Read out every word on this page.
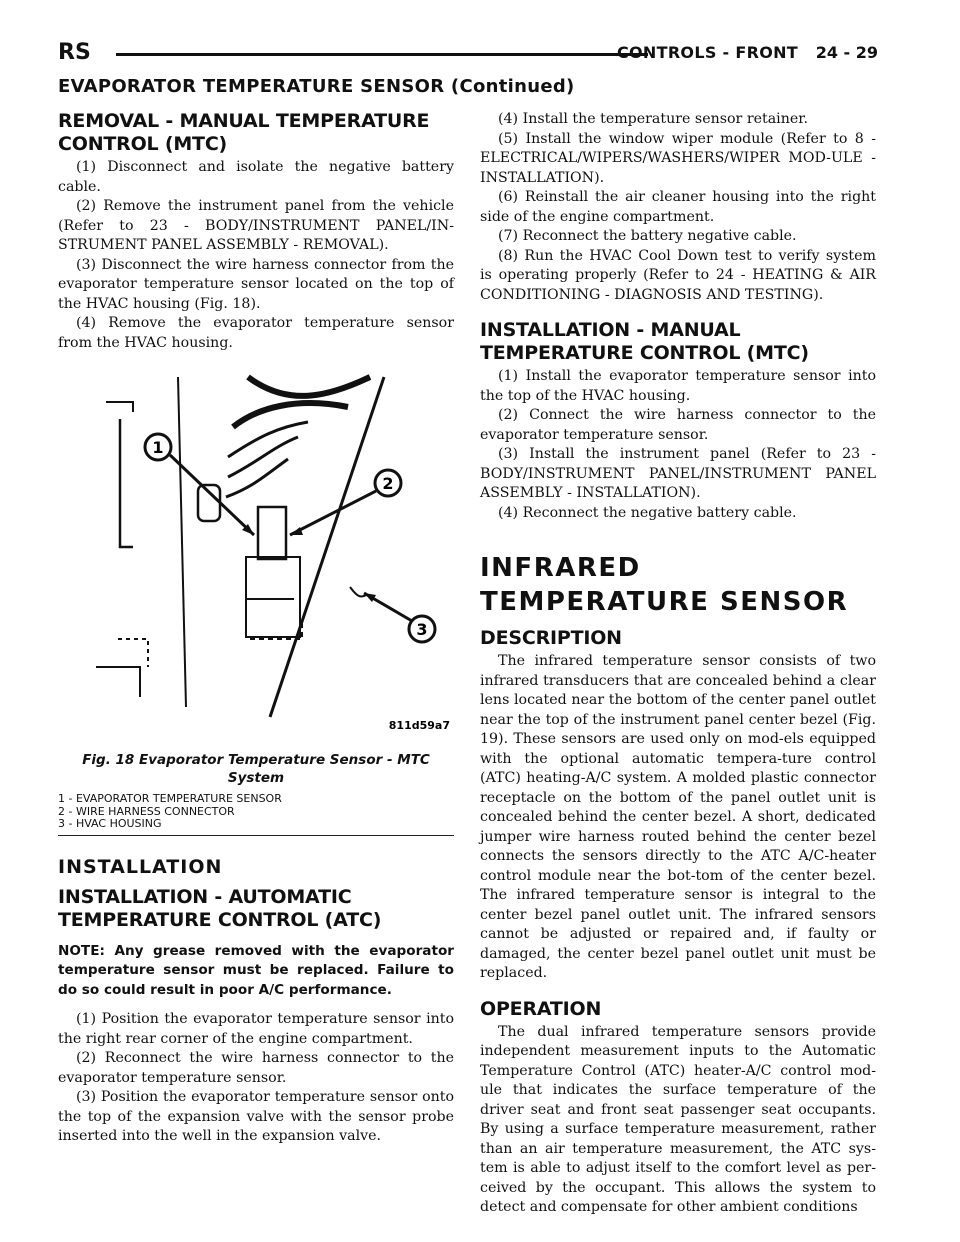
RS	CONTROLS - FRONT 24 - 29
EVAPORATOR TEMPERATURE SENSOR (Continued)
REMOVAL - MANUAL TEMPERATURE CONTROL (MTC)

(1) Disconnect and isolate the negative battery cable.

(2) Remove the instrument panel from the vehicle (Refer to 23 - BODY/INSTRUMENT PANEL/IN-STRUMENT PANEL ASSEMBLY - REMOVAL).

(3) Disconnect the wire harness connector from the evaporator temperature sensor located on the top of the HVAC housing (Fig. 18).

(4) Remove the evaporator temperature sensor from the HVAC housing.

1
2
3
811d59a7
Fig. 18 Evaporator Temperature Sensor - MTC System
1 - EVAPORATOR TEMPERATURE SENSOR
2 - WIRE HARNESS CONNECTOR
3 - HVAC HOUSING
INSTALLATION
INSTALLATION - AUTOMATIC TEMPERATURE CONTROL (ATC)

NOTE: Any grease removed with the evaporator temperature sensor must be replaced. Failure to do so could result in poor A/C performance.

(1) Position the evaporator temperature sensor into the right rear corner of the engine compartment.

(2) Reconnect the wire harness connector to the evaporator temperature sensor.

(3) Position the evaporator temperature sensor onto the top of the expansion valve with the sensor probe inserted into the well in the expansion valve.

(4) Install the temperature sensor retainer.

(5) Install the window wiper module (Refer to 8 - ELECTRICAL/WIPERS/WASHERS/WIPER MOD-ULE - INSTALLATION).

(6) Reinstall the air cleaner housing into the right side of the engine compartment.

(7) Reconnect the battery negative cable.

(8) Run the HVAC Cool Down test to verify system is operating properly (Refer to 24 - HEATING & AIR CONDITIONING - DIAGNOSIS AND TESTING).

INSTALLATION - MANUAL TEMPERATURE CONTROL (MTC)

(1) Install the evaporator temperature sensor into the top of the HVAC housing.

(2) Connect the wire harness connector to the evaporator temperature sensor.

(3) Install the instrument panel (Refer to 23 - BODY/INSTRUMENT PANEL/INSTRUMENT PANEL ASSEMBLY - INSTALLATION).

(4) Reconnect the negative battery cable.

INFRARED TEMPERATURE SENSOR
DESCRIPTION

The infrared temperature sensor consists of two infrared transducers that are concealed behind a clear lens located near the bottom of the center panel outlet near the top of the instrument panel center bezel (Fig. 19). These sensors are used only on mod-els equipped with the optional automatic tempera-ture control (ATC) heating-A/C system. A molded plastic connector receptacle on the bottom of the panel outlet unit is concealed behind the center bezel. A short, dedicated jumper wire harness routed behind the center bezel connects the sensors directly to the ATC A/C-heater control module near the bot-tom of the center bezel. The infrared temperature sensor is integral to the center bezel panel outlet unit. The infrared sensors cannot be adjusted or repaired and, if faulty or damaged, the center bezel panel outlet unit must be replaced.

OPERATION

The dual infrared temperature sensors provide independent measurement inputs to the Automatic Temperature Control (ATC) heater-A/C control mod-ule that indicates the surface temperature of the driver seat and front seat passenger seat occupants. By using a surface temperature measurement, rather than an air temperature measurement, the ATC sys-tem is able to adjust itself to the comfort level as per-ceived by the occupant. This allows the system to detect and compensate for other ambient conditions
